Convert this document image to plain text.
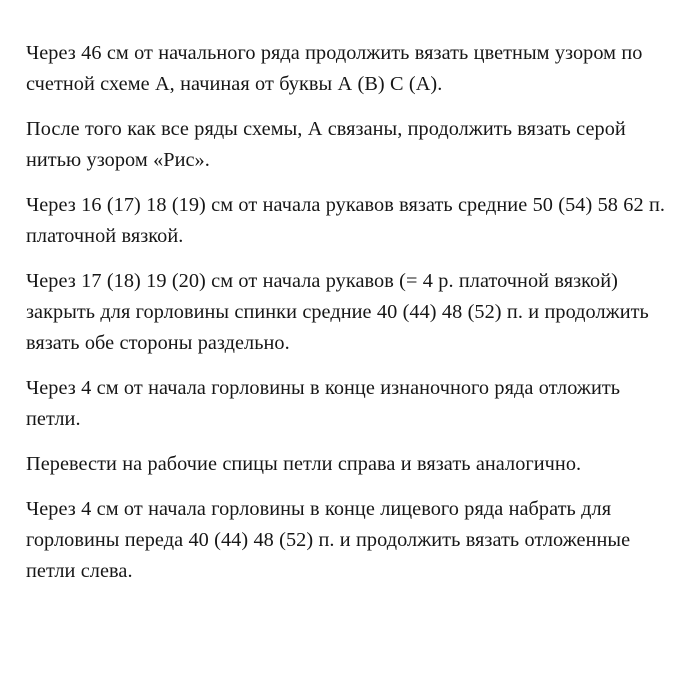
Через 46 см от начального ряда продолжить вязать цветным узором по счетной схеме А, начиная от буквы А (В) С (А).

После того как все ряды схемы, А связаны, продолжить вязать серой нитью узором «Рис».

Через 16 (17) 18 (19) см от начала рукавов вязать средние 50 (54) 58 62 п. платочной вязкой.

Через 17 (18) 19 (20) см от начала рукавов (= 4 р. платочной вязкой) закрыть для горловины спинки средние 40 (44) 48 (52) п. и продолжить вязать обе стороны раздельно.

Через 4 см от начала горловины в конце изнаночного ряда отложить петли.

Перевести на рабочие спицы петли справа и вязать аналогично.

Через 4 см от начала горловины в конце лицевого ряда набрать для горловины переда 40 (44) 48 (52) п. и продолжить вязать отложенные петли слева.
